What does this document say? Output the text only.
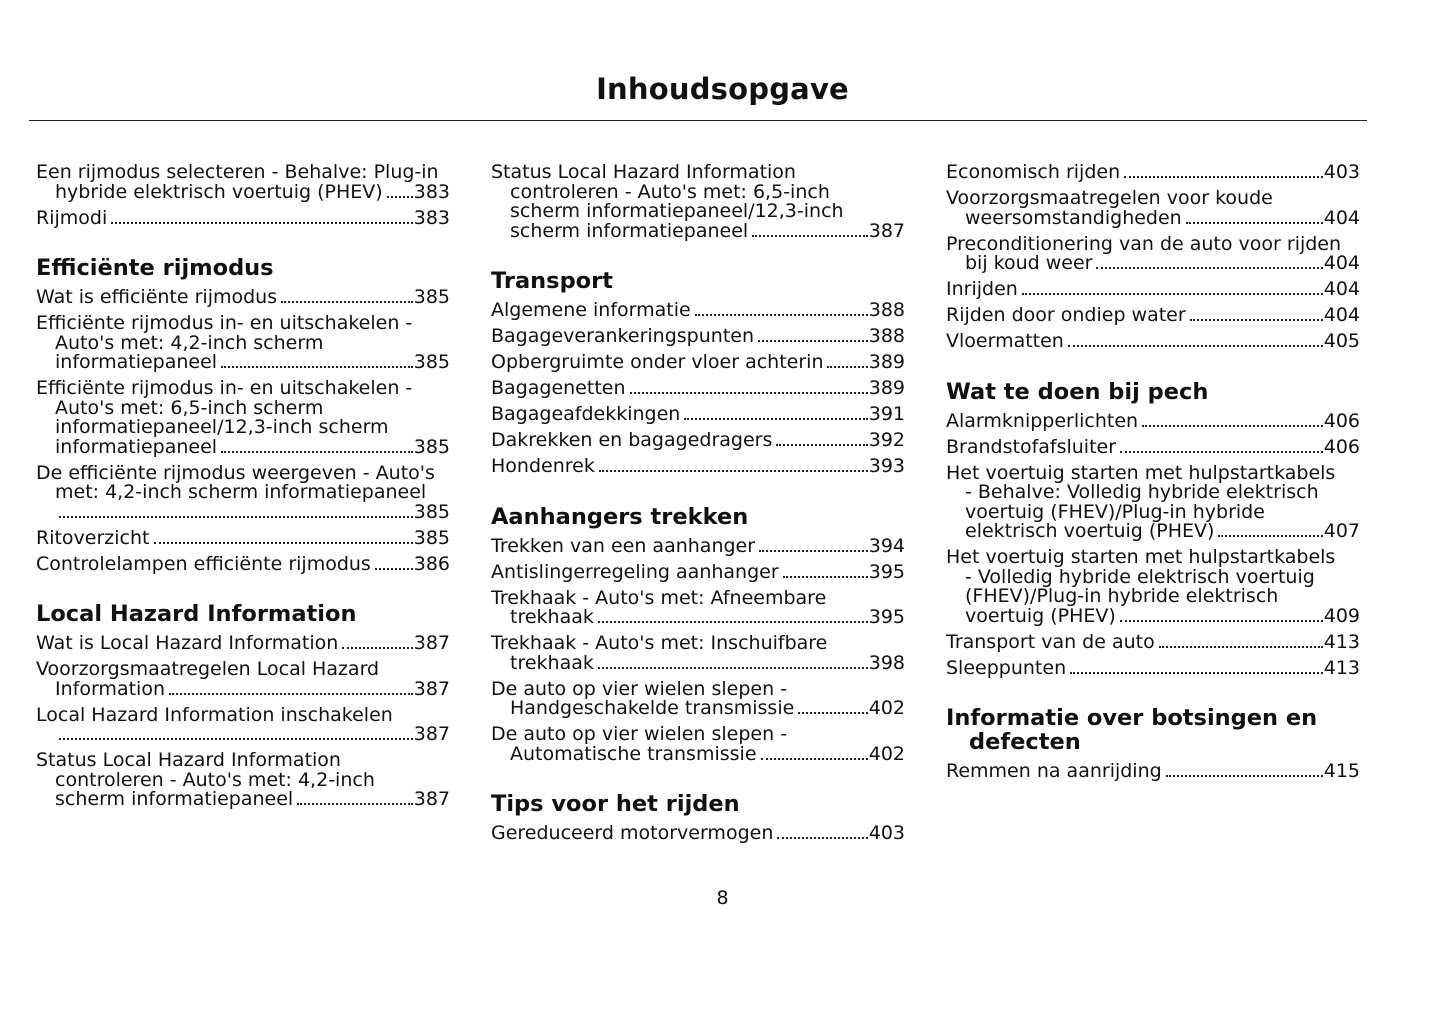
Inhoudsopgave
Een rijmodus selecteren - Behalve: Plug-in
hybride elektrisch voertuig (PHEV) 383
Rijmodi	383
Efficiënte rijmodus
Wat is efficiënte rijmodus	385
Efficiënte rijmodus in- en uitschakelen -
Auto's met: 4,2-inch scherm
informatiepaneel	385
Efficiënte rijmodus in- en uitschakelen -
Auto's met: 6,5-inch scherm
informatiepaneel/12,3-inch scherm
informatiepaneel	385
De efficiënte rijmodus weergeven - Auto's
met: 4,2-inch scherm informatiepaneel
385
Ritoverzicht	385
Controlelampen efficiënte rijmodus 386
Local Hazard Information
Wat is Local Hazard Information	387
Voorzorgsmaatregelen Local Hazard
Information	387
Local Hazard Information inschakelen
387
Status Local Hazard Information
controleren - Auto's met: 4,2-inch
scherm informatiepaneel	387
Status Local Hazard Information
controleren - Auto's met: 6,5-inch
scherm informatiepaneel/12,3-inch
scherm informatiepaneel	387
Transport
Algemene informatie	388
Bagageverankeringspunten	388
Opbergruimte onder vloer achterin 389
Bagagenetten	389
Bagageafdekkingen	391
Dakrekken en bagagedragers	392
Hondenrek	393
Aanhangers trekken
Trekken van een aanhanger	394
Antislingerregeling aanhanger	395
Trekhaak - Auto's met: Afneembare
trekhaak	395
Trekhaak - Auto's met: Inschuifbare
trekhaak	398
De auto op vier wielen slepen -
Handgeschakelde transmissie	402
De auto op vier wielen slepen -
Automatische transmissie	402
Tips voor het rijden
Gereduceerd motorvermogen	403
Economisch rijden	403
Voorzorgsmaatregelen voor koude
weersomstandigheden	404
Preconditionering van de auto voor rijden
bij koud weer	404
Inrijden	404
Rijden door ondiep water	404
Vloermatten	405
Wat te doen bij pech
Alarmknipperlichten	406
Brandstofafsluiter	406
Het voertuig starten met hulpstartkabels
- Behalve: Volledig hybride elektrisch
voertuig (FHEV)/Plug-in hybride
elektrisch voertuig (PHEV)	407
Het voertuig starten met hulpstartkabels
- Volledig hybride elektrisch voertuig
(FHEV)/Plug-in hybride elektrisch
voertuig (PHEV)	409
Transport van de auto	413
Sleeppunten	413
Informatie over botsingen en

defecten
Remmen na aanrijding	415
8
